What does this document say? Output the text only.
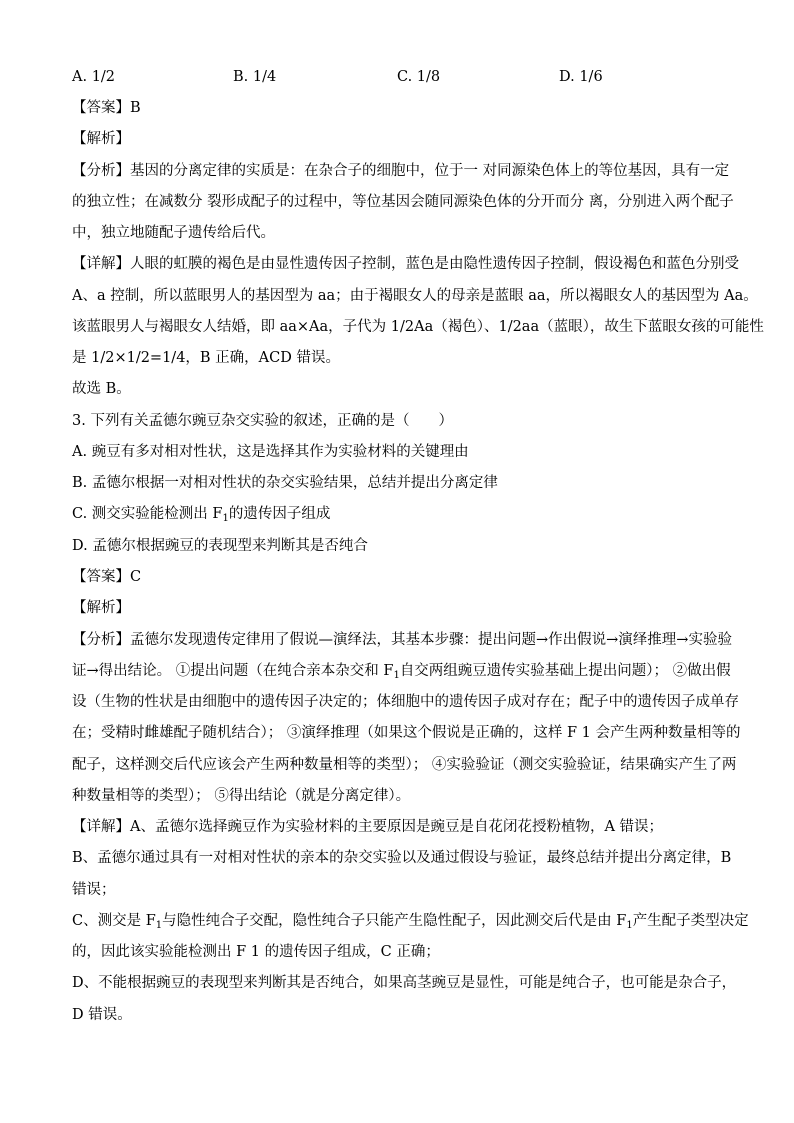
A. 1/2	B. 1/4	C. 1/8	D. 1/6
【答案】B
【解析】
【分析】基因的分离定律的实质是：在杂合子的细胞中，位于一 对同源染色体上的等位基因，具有一定
的独立性；在减数分 裂形成配子的过程中，等位基因会随同源染色体的分开而分 离，分别进入两个配子
中，独立地随配子遗传给后代。
【详解】人眼的虹膜的褐色是由显性遗传因子控制，蓝色是由隐性遗传因子控制，假设褐色和蓝色分别受
A、a 控制，所以蓝眼男人的基因型为 aa；由于褐眼女人的母亲是蓝眼 aa，所以褐眼女人的基因型为 Aa。
该蓝眼男人与褐眼女人结婚，即 aa×Aa，子代为 1/2Aa（褐色）、1/2aa（蓝眼），故生下蓝眼女孩的可能性
是 1/2×1/2=1/4，B 正确，ACD 错误。
故选 B。
3. 下列有关孟德尔豌豆杂交实验的叙述，正确的是（　　）
A. 豌豆有多对相对性状，这是选择其作为实验材料的关键理由
B. 孟德尔根据一对相对性状的杂交实验结果，总结并提出分离定律
C. 测交实验能检测出 $F_1$的遗传因子组成
D. 孟德尔根据豌豆的表现型来判断其是否纯合
【答案】C
【解析】
【分析】孟德尔发现遗传定律用了假说—演绎法，其基本步骤：提出问题→作出假说→演绎推理→实验验
证→得出结论。 ①提出问题（在纯合亲本杂交和 $F_1$自交两组豌豆遗传实验基础上提出问题）； ②做出假
设（生物的性状是由细胞中的遗传因子决定的；体细胞中的遗传因子成对存在；配子中的遗传因子成单存
在；受精时雌雄配子随机结合）； ③演绎推理（如果这个假说是正确的，这样 F 1 会产生两种数量相等的
配子，这样测交后代应该会产生两种数量相等的类型）； ④实验验证（测交实验验证，结果确实产生了两
种数量相等的类型）； ⑤得出结论（就是分离定律）。
【详解】A、孟德尔选择豌豆作为实验材料的主要原因是豌豆是自花闭花授粉植物，A 错误；
B、孟德尔通过具有一对相对性状的亲本的杂交实验以及通过假设与验证，最终总结并提出分离定律，B
错误；
C、测交是 $F_1$与隐性纯合子交配，隐性纯合子只能产生隐性配子，因此测交后代是由 $F_1$产生配子类型决定
的，因此该实验能检测出 F 1 的遗传因子组成，C 正确；
D、不能根据豌豆的表现型来判断其是否纯合，如果高茎豌豆是显性，可能是纯合子，也可能是杂合子，
D 错误。
